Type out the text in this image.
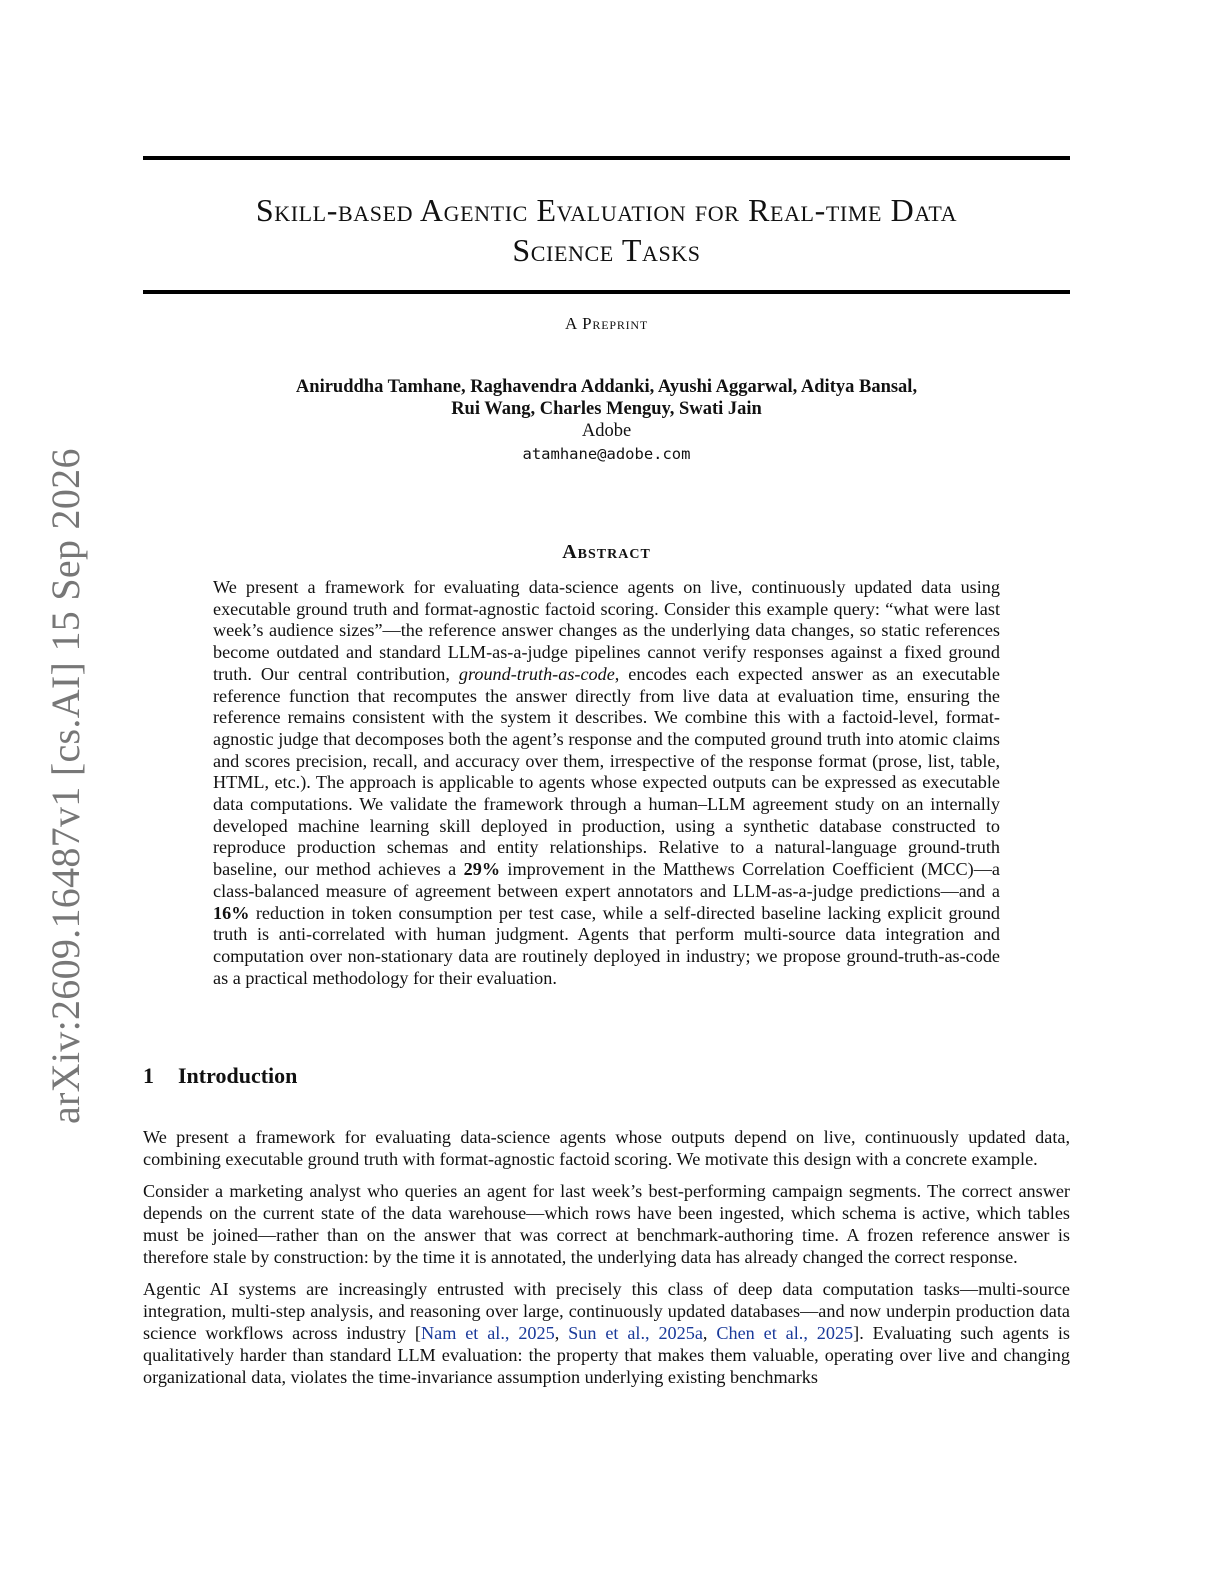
arXiv:2609.16487v1 [cs.AI] 15 Sep 2026
Skill-based Agentic Evaluation for Real-time Data
Science Tasks
A Preprint
Aniruddha Tamhane, Raghavendra Addanki, Ayushi Aggarwal, Aditya Bansal,
Rui Wang, Charles Menguy, Swati Jain
Adobe
atamhane@adobe.com
Abstract
We present a framework for evaluating data-science agents on live, continuously updated data using executable ground truth and format-agnostic factoid scoring. Consider this example query: “what were last week’s audience sizes”—the reference answer changes as the underlying data changes, so static references become outdated and standard LLM-as-a-judge pipelines cannot verify responses against a fixed ground truth. Our central contribution, ground-truth-as-code, encodes each expected answer as an executable reference function that recomputes the answer directly from live data at evaluation time, ensuring the reference remains consistent with the system it describes. We combine this with a factoid-level, format-agnostic judge that decomposes both the agent’s response and the computed ground truth into atomic claims and scores precision, recall, and accuracy over them, irrespective of the response format (prose, list, table, HTML, etc.). The approach is applicable to agents whose expected outputs can be expressed as executable data computations. We validate the framework through a human–LLM agreement study on an internally developed machine learning skill deployed in production, using a synthetic database constructed to reproduce production schemas and entity relationships. Relative to a natural-language ground-truth baseline, our method achieves a 29% improvement in the Matthews Correlation Coefficient (MCC)—a class-balanced measure of agreement between expert annotators and LLM-as-a-judge predictions—and a 16% reduction in token consumption per test case, while a self-directed baseline lacking explicit ground truth is anti-correlated with human judgment. Agents that perform multi-source data integration and computation over non-stationary data are routinely deployed in industry; we propose ground-truth-as-code as a practical methodology for their evaluation.
1 Introduction

We present a framework for evaluating data-science agents whose outputs depend on live, continuously updated data, combining executable ground truth with format-agnostic factoid scoring. We motivate this design with a concrete example.

Consider a marketing analyst who queries an agent for last week’s best-performing campaign segments. The correct answer depends on the current state of the data warehouse—which rows have been ingested, which schema is active, which tables must be joined—rather than on the answer that was correct at benchmark-authoring time. A frozen reference answer is therefore stale by construction: by the time it is annotated, the underlying data has already changed the correct response.

Agentic AI systems are increasingly entrusted with precisely this class of deep data computation tasks—multi-source integration, multi-step analysis, and reasoning over large, continuously updated databases—and now underpin production data science workflows across industry [Nam et al., 2025, Sun et al., 2025a, Chen et al., 2025]. Evaluating such agents is qualitatively harder than standard LLM evaluation: the property that makes them valuable, operating over live and changing organizational data, violates the time-invariance assumption underlying existing benchmarks
